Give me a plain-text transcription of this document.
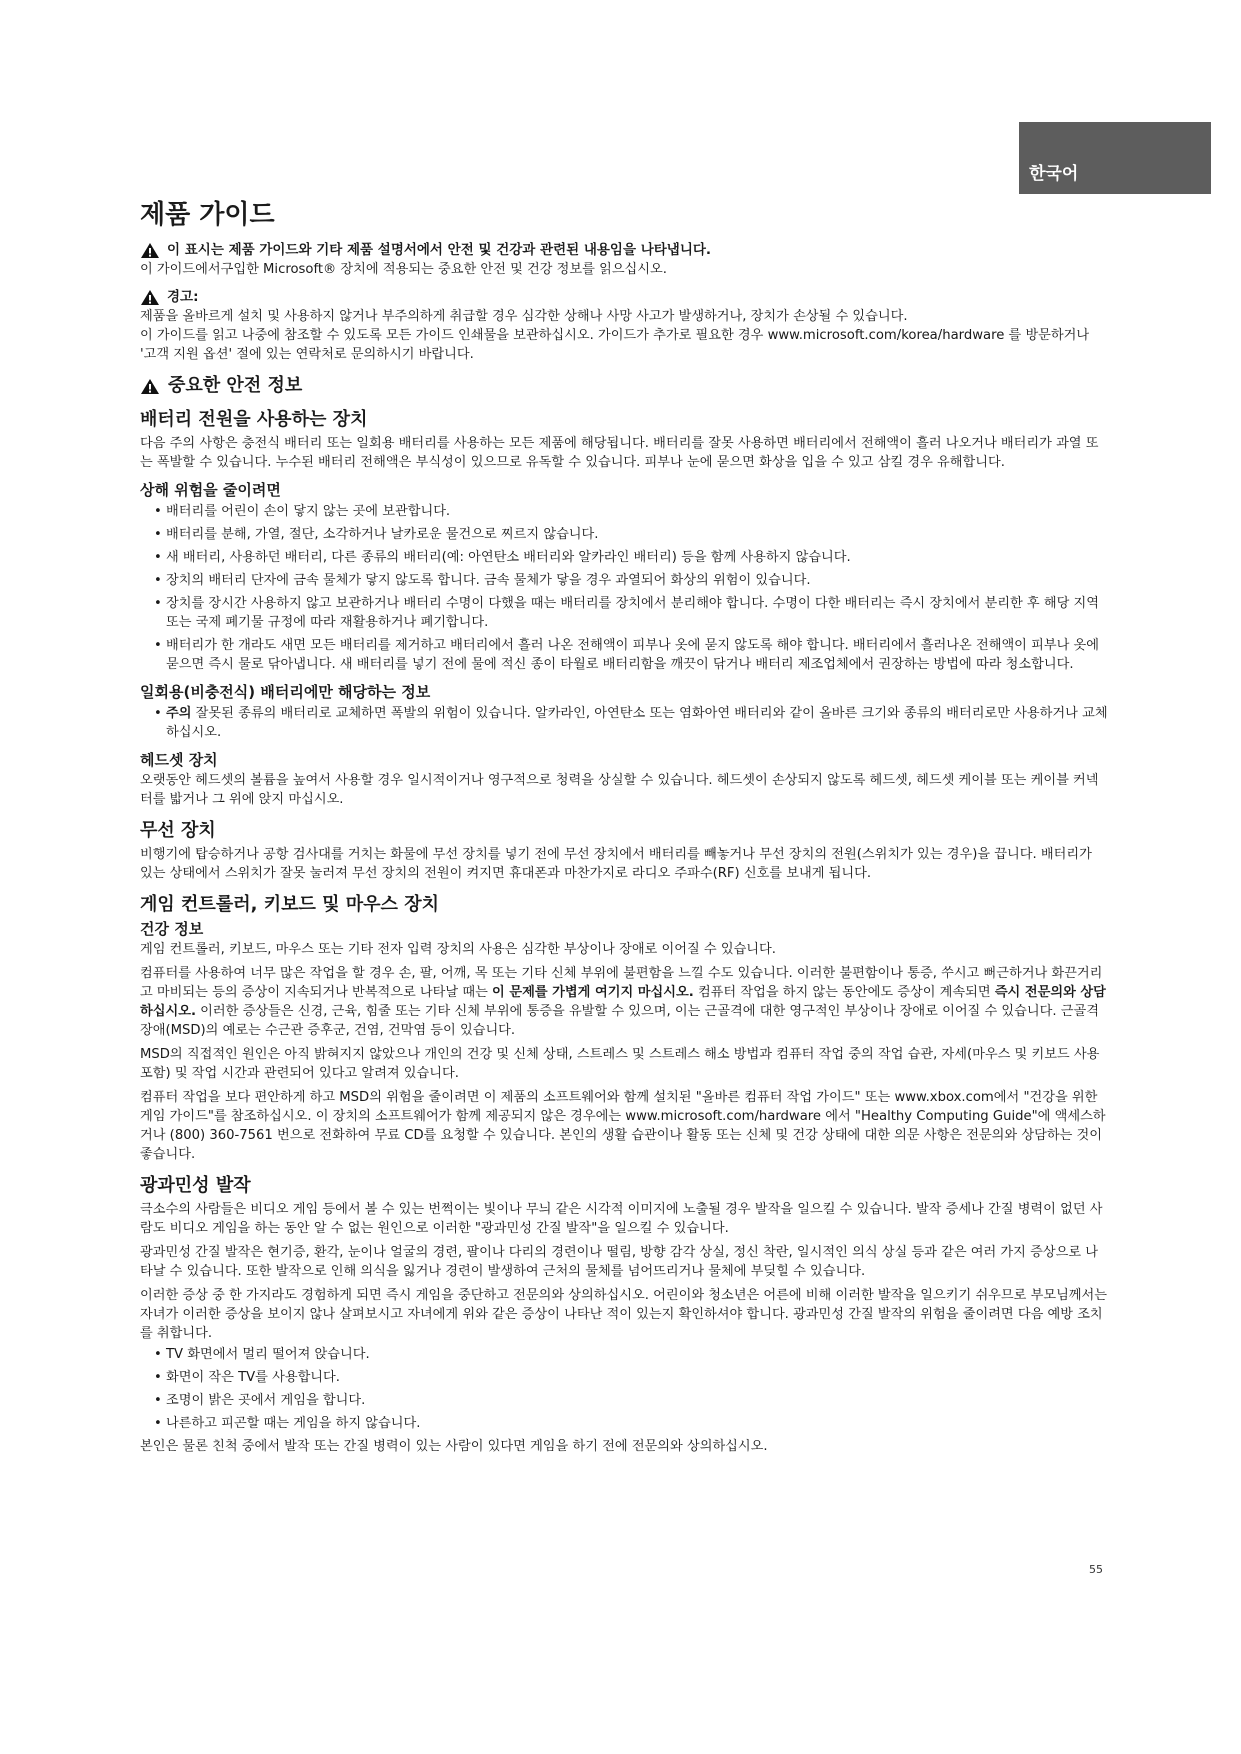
한국어
제품 가이드
이 표시는 제품 가이드와 기타 제품 설명서에서 안전 및 건강과 관련된 내용임을 나타냅니다.

이 가이드에서구입한 Microsoft® 장치에 적용되는 중요한 안전 및 건강 정보를 읽으십시오.

경고:

제품을 올바르게 설치 및 사용하지 않거나 부주의하게 취급할 경우 심각한 상해나 사망 사고가 발생하거나, 장치가 손상될 수 있습니다.

이 가이드를 읽고 나중에 참조할 수 있도록 모든 가이드 인쇄물을 보관하십시오. 가이드가 추가로 필요한 경우 www.microsoft.com/korea/hardware 를 방문하거나 '고객 지원 옵션' 절에 있는 연락처로 문의하시기 바랍니다.

중요한 안전 정보
배터리 전원을 사용하는 장치

다음 주의 사항은 충전식 배터리 또는 일회용 배터리를 사용하는 모든 제품에 해당됩니다. 배터리를 잘못 사용하면 배터리에서 전해액이 흘러 나오거나 배터리가 과열 또는 폭발할 수 있습니다. 누수된 배터리 전해액은 부식성이 있으므로 유독할 수 있습니다. 피부나 눈에 묻으면 화상을 입을 수 있고 삼킬 경우 유해합니다.

상해 위험을 줄이려면
• 배터리를 어린이 손이 닿지 않는 곳에 보관합니다.
• 배터리를 분해, 가열, 절단, 소각하거나 날카로운 물건으로 찌르지 않습니다.
• 새 배터리, 사용하던 배터리, 다른 종류의 배터리(예: 아연탄소 배터리와 알카라인 배터리) 등을 함께 사용하지 않습니다.
• 장치의 배터리 단자에 금속 물체가 닿지 않도록 합니다. 금속 물체가 닿을 경우 과열되어 화상의 위험이 있습니다.
• 장치를 장시간 사용하지 않고 보관하거나 배터리 수명이 다했을 때는 배터리를 장치에서 분리해야 합니다. 수명이 다한 배터리는 즉시 장치에서 분리한 후 해당 지역 또는 국제 폐기물 규정에 따라 재활용하거나 폐기합니다.
• 배터리가 한 개라도 새면 모든 배터리를 제거하고 배터리에서 흘러 나온 전해액이 피부나 옷에 묻지 않도록 해야 합니다. 배터리에서 흘러나온 전해액이 피부나 옷에 묻으면 즉시 물로 닦아냅니다. 새 배터리를 넣기 전에 물에 적신 종이 타월로 배터리함을 깨끗이 닦거나 배터리 제조업체에서 권장하는 방법에 따라 청소합니다.
일회용(비충전식) 배터리에만 해당하는 정보
• 주의 잘못된 종류의 배터리로 교체하면 폭발의 위험이 있습니다. 알카라인, 아연탄소 또는 염화아연 배터리와 같이 올바른 크기와 종류의 배터리로만 사용하거나 교체하십시오.
헤드셋 장치

오랫동안 헤드셋의 볼륨을 높여서 사용할 경우 일시적이거나 영구적으로 청력을 상실할 수 있습니다. 헤드셋이 손상되지 않도록 헤드셋, 헤드셋 케이블 또는 케이블 커넥터를 밟거나 그 위에 앉지 마십시오.

무선 장치

비행기에 탑승하거나 공항 검사대를 거치는 화물에 무선 장치를 넣기 전에 무선 장치에서 배터리를 빼놓거나 무선 장치의 전원(스위치가 있는 경우)을 끕니다. 배터리가 있는 상태에서 스위치가 잘못 눌러져 무선 장치의 전원이 켜지면 휴대폰과 마찬가지로 라디오 주파수(RF) 신호를 보내게 됩니다.

게임 컨트롤러, 키보드 및 마우스 장치
건강 정보

게임 컨트롤러, 키보드, 마우스 또는 기타 전자 입력 장치의 사용은 심각한 부상이나 장애로 이어질 수 있습니다.

컴퓨터를 사용하여 너무 많은 작업을 할 경우 손, 팔, 어깨, 목 또는 기타 신체 부위에 불편함을 느낄 수도 있습니다. 이러한 불편함이나 통증, 쑤시고 뻐근하거나 화끈거리고 마비되는 등의 증상이 지속되거나 반복적으로 나타날 때는 이 문제를 가볍게 여기지 마십시오. 컴퓨터 작업을 하지 않는 동안에도 증상이 계속되면 즉시 전문의와 상담하십시오. 이러한 증상들은 신경, 근육, 힘줄 또는 기타 신체 부위에 통증을 유발할 수 있으며, 이는 근골격에 대한 영구적인 부상이나 장애로 이어질 수 있습니다. 근골격 장애(MSD)의 예로는 수근관 증후군, 건염, 건막염 등이 있습니다.

MSD의 직접적인 원인은 아직 밝혀지지 않았으나 개인의 건강 및 신체 상태, 스트레스 및 스트레스 해소 방법과 컴퓨터 작업 중의 작업 습관, 자세(마우스 및 키보드 사용 포함) 및 작업 시간과 관련되어 있다고 알려져 있습니다.

컴퓨터 작업을 보다 편안하게 하고 MSD의 위험을 줄이려면 이 제품의 소프트웨어와 함께 설치된 "올바른 컴퓨터 작업 가이드" 또는 www.xbox.com에서 "건강을 위한 게임 가이드"를 참조하십시오. 이 장치의 소프트웨어가 함께 제공되지 않은 경우에는 www.microsoft.com/hardware 에서 "Healthy Computing Guide"에 액세스하거나 (800) 360-7561 번으로 전화하여 무료 CD를 요청할 수 있습니다. 본인의 생활 습관이나 활동 또는 신체 및 건강 상태에 대한 의문 사항은 전문의와 상담하는 것이 좋습니다.

광과민성 발작

극소수의 사람들은 비디오 게임 등에서 볼 수 있는 번쩍이는 빛이나 무늬 같은 시각적 이미지에 노출될 경우 발작을 일으킬 수 있습니다. 발작 증세나 간질 병력이 없던 사람도 비디오 게임을 하는 동안 알 수 없는 원인으로 이러한 "광과민성 간질 발작"을 일으킬 수 있습니다.

광과민성 간질 발작은 현기증, 환각, 눈이나 얼굴의 경련, 팔이나 다리의 경련이나 떨림, 방향 감각 상실, 정신 착란, 일시적인 의식 상실 등과 같은 여러 가지 증상으로 나타날 수 있습니다. 또한 발작으로 인해 의식을 잃거나 경련이 발생하여 근처의 물체를 넘어뜨리거나 물체에 부딪힐 수 있습니다.

이러한 증상 중 한 가지라도 경험하게 되면 즉시 게임을 중단하고 전문의와 상의하십시오. 어린이와 청소년은 어른에 비해 이러한 발작을 일으키기 쉬우므로 부모님께서는 자녀가 이러한 증상을 보이지 않나 살펴보시고 자녀에게 위와 같은 증상이 나타난 적이 있는지 확인하셔야 합니다. 광과민성 간질 발작의 위험을 줄이려면 다음 예방 조치를 취합니다.

• TV 화면에서 멀리 떨어져 앉습니다.
• 화면이 작은 TV를 사용합니다.
• 조명이 밝은 곳에서 게임을 합니다.
• 나른하고 피곤할 때는 게임을 하지 않습니다.

본인은 물론 친척 중에서 발작 또는 간질 병력이 있는 사람이 있다면 게임을 하기 전에 전문의와 상의하십시오.

55
